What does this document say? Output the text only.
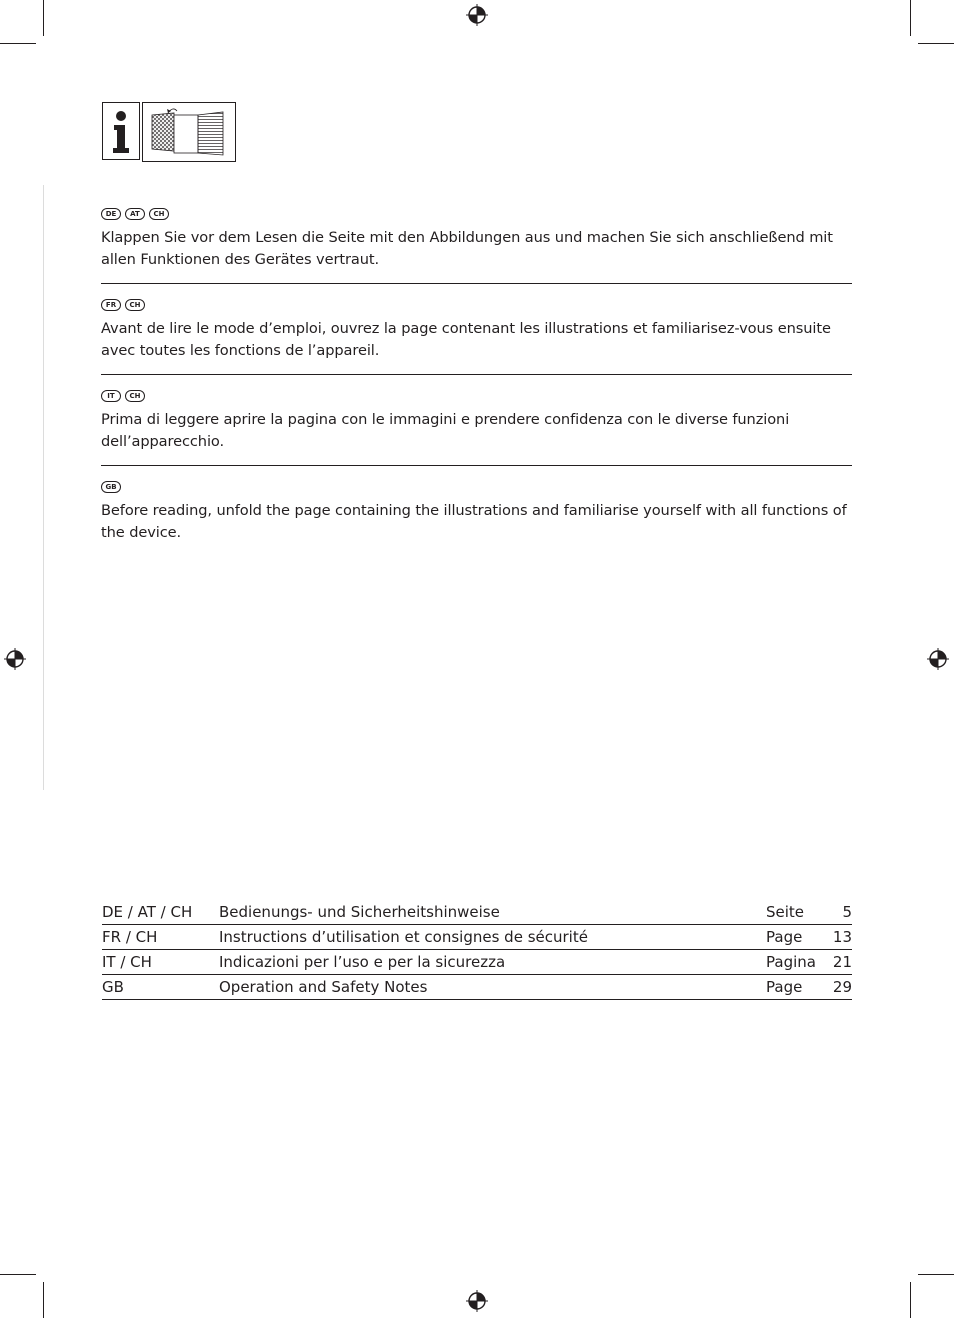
DE	AT	CH

Klappen Sie vor dem Lesen die Seite mit den Abbildungen aus und machen Sie sich anschließend mit allen Funktionen des Gerätes vertraut.

FR	CH

Avant de lire le mode d’emploi, ouvrez la page contenant les illustrations et familiarisez-vous ensuite avec toutes les fonctions de l’appareil.

IT	CH

Prima di leggere aprire la pagina con le immagini e prendere confidenza con le diverse funzioni dell’apparecchio.

GB

Before reading, unfold the page containing the illustrations and familiarise yourself with all functions of the device.

DE / AT / CH	Bedienungs- und Sicherheitshinweise	Seite	5
FR / CH	Instructions d’utilisation et consignes de sécurité	Page	13
IT / CH	Indicazioni per l’uso e per la sicurezza	Pagina	21
GB	Operation and Safety Notes	Page	29
